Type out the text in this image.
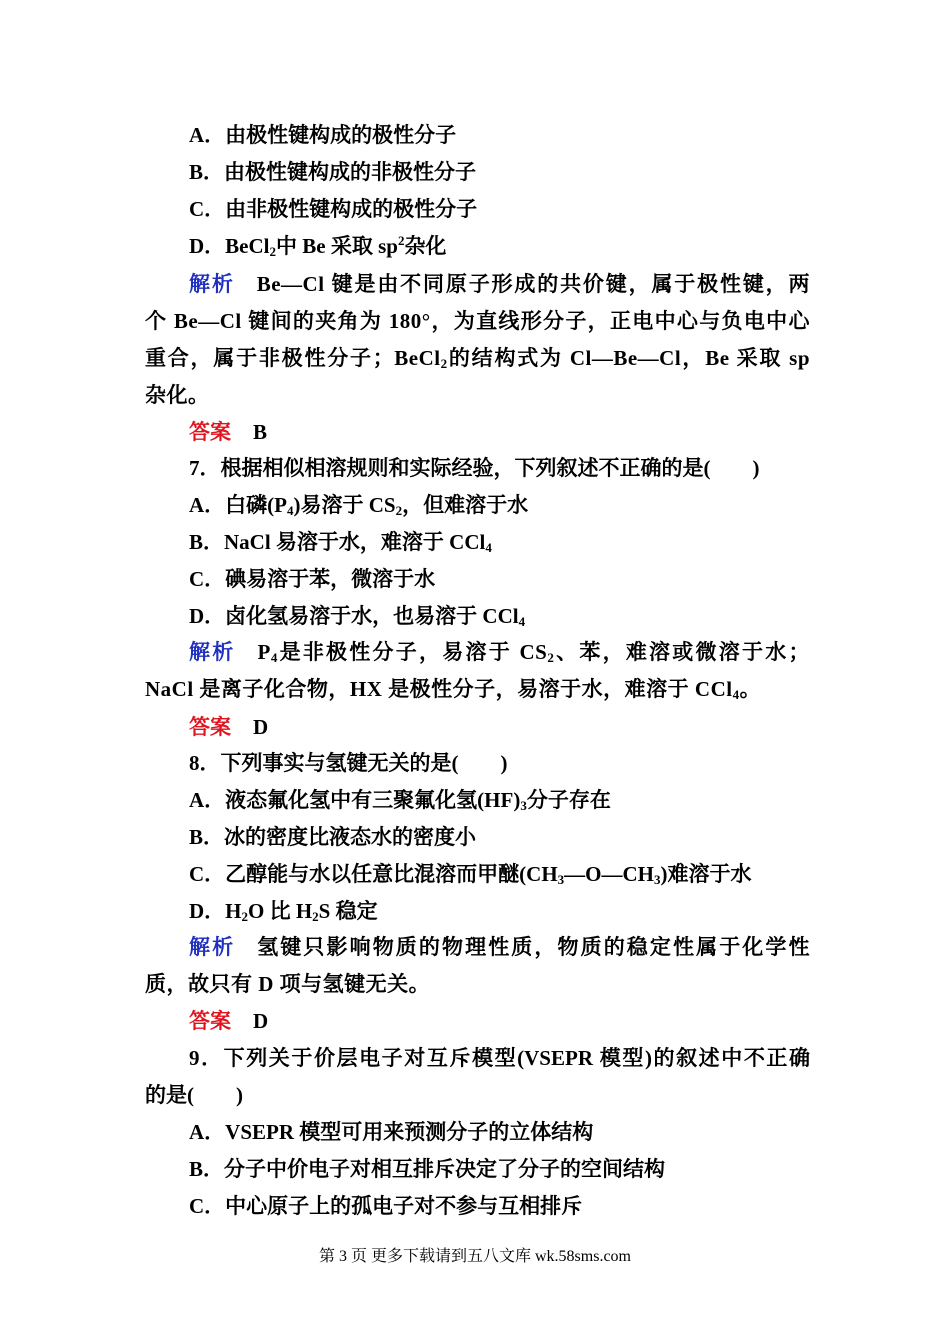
A．由极性键构成的极性分子
B．由极性键构成的非极性分子
C．由非极性键构成的极性分子
D．BeCl$_2$中 Be 采取 $sp^2$杂化
解析 Be—Cl 键是由不同原子形成的共价键，属于极性键，两
个 Be—Cl 键间的夹角为 180°，为直线形分子，正电中心与负电中心
重合，属于非极性分子；BeCl$_2$的结构式为 Cl—Be—Cl，Be 采取 sp
杂化。
答案 B
7．根据相似相溶规则和实际经验，下列叙述不正确的是(　　)
A．白磷$(P_4)$易溶于 $CS_2$，但难溶于水
B．NaCl 易溶于水，难溶于 CCl$_4$
C．碘易溶于苯，微溶于水
D．卤化氢易溶于水，也易溶于 CCl$_4$
解析 $P_4$是非极性分子，易溶于 $CS_2$、苯，难溶或微溶于水；
NaCl 是离子化合物，HX 是极性分子，易溶于水，难溶于 CCl$_4$。
答案 D
8．下列事实与氢键无关的是(　　)
A．液态氟化氢中有三聚氟化氢$(HF)_3$分子存在
B．冰的密度比液态水的密度小
C．乙醇能与水以任意比混溶而甲醚$(CH_3—O—CH_3)$难溶于水
D．$H_2O$ 比 $H_2S$ 稳定
解析 氢键只影响物质的物理性质，物质的稳定性属于化学性
质，故只有 D 项与氢键无关。
答案 D
9．下列关于价层电子对互斥模型(VSEPR 模型)的叙述中不正确
的是(　　)
A．VSEPR 模型可用来预测分子的立体结构
B．分子中价电子对相互排斥决定了分子的空间结构
C．中心原子上的孤电子对不参与互相排斥
第 3 页 更多下载请到五八文库 wk.58sms.com
